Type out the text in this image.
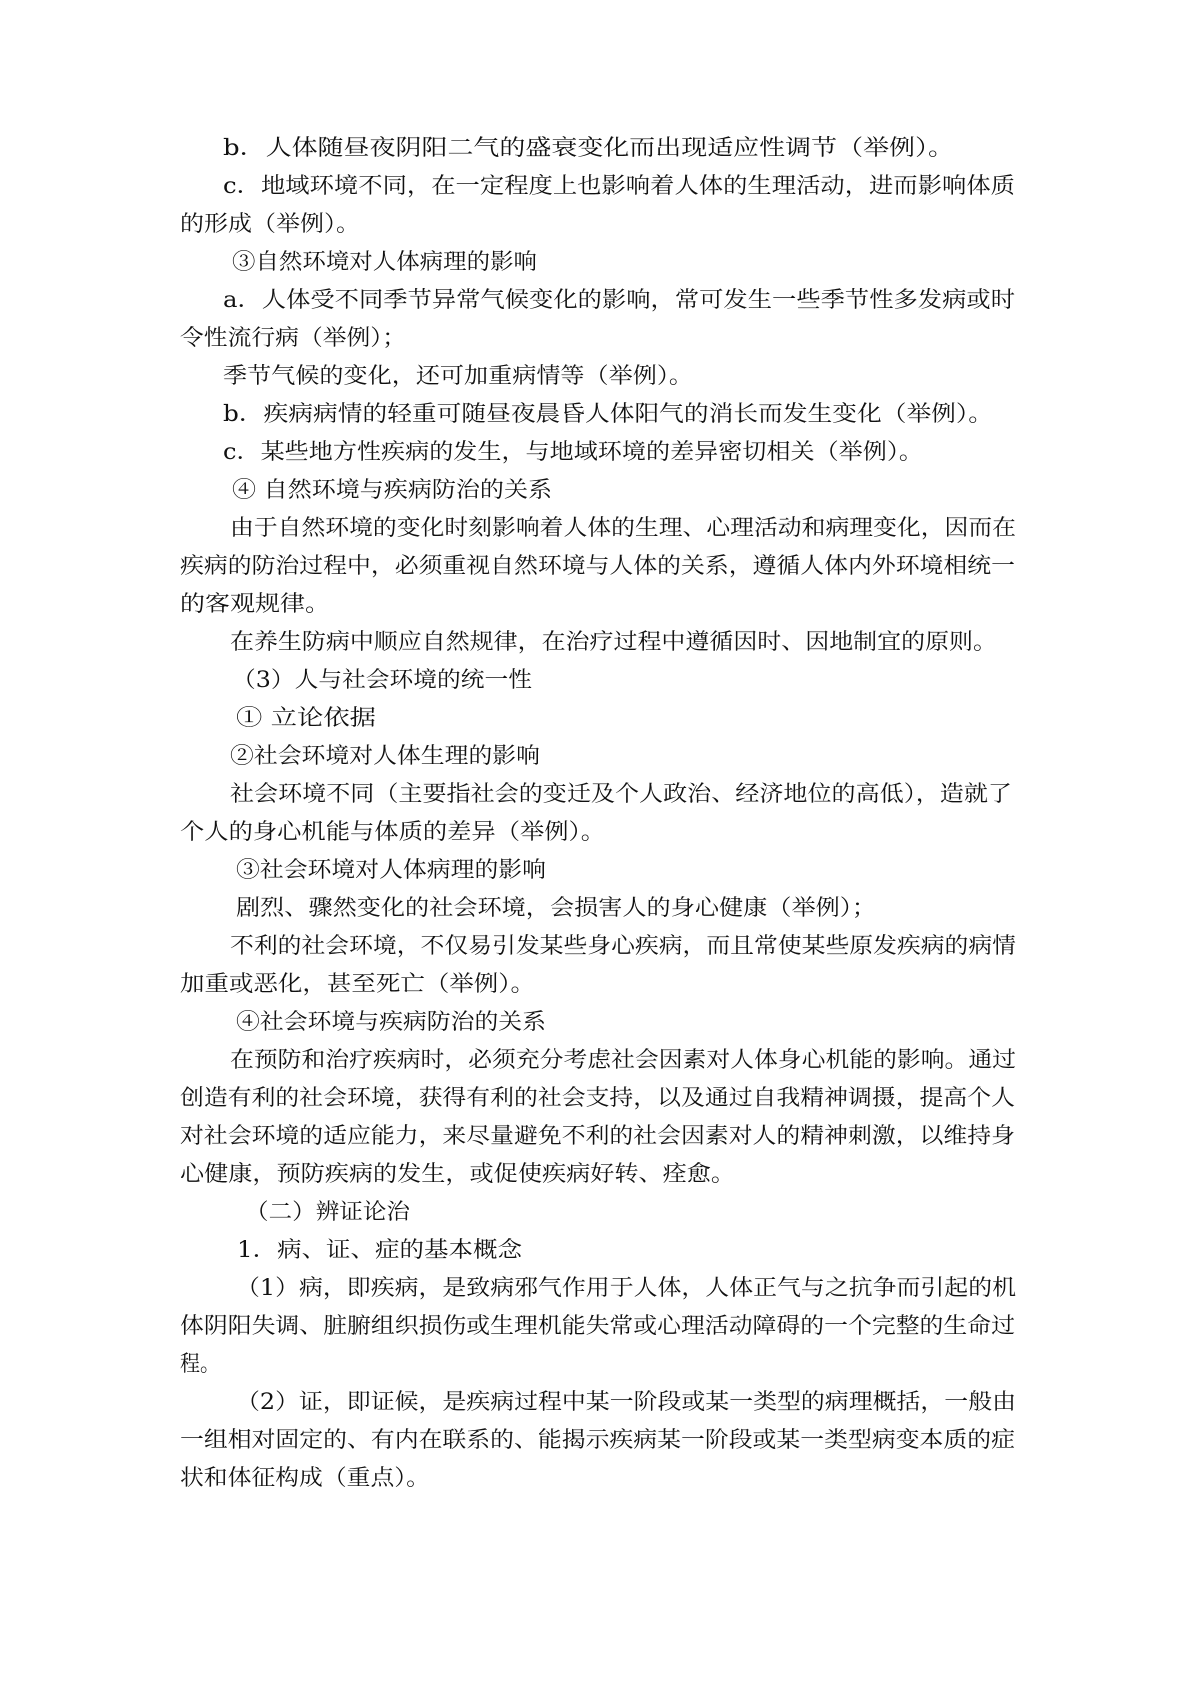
b．人体随昼夜阴阳二气的盛衰变化而出现适应性调节（举例）。
c．地域环境不同，在一定程度上也影响着人体的生理活动，进而影响体质
的形成（举例）。
③自然环境对人体病理的影响
a．人体受不同季节异常气候变化的影响，常可发生一些季节性多发病或时
令性流行病（举例）；
季节气候的变化，还可加重病情等（举例）。
b．疾病病情的轻重可随昼夜晨昏人体阳气的消长而发生变化（举例）。
c．某些地方性疾病的发生，与地域环境的差异密切相关（举例）。
④ 自然环境与疾病防治的关系
由于自然环境的变化时刻影响着人体的生理、心理活动和病理变化，因而在
疾病的防治过程中，必须重视自然环境与人体的关系，遵循人体内外环境相统一
的客观规律。
在养生防病中顺应自然规律，在治疗过程中遵循因时、因地制宜的原则。
（3）人与社会环境的统一性
① 立论依据
②社会环境对人体生理的影响
社会环境不同（主要指社会的变迁及个人政治、经济地位的高低），造就了
个人的身心机能与体质的差异（举例）。
③社会环境对人体病理的影响
剧烈、骤然变化的社会环境，会损害人的身心健康（举例）；
不利的社会环境，不仅易引发某些身心疾病，而且常使某些原发疾病的病情
加重或恶化，甚至死亡（举例）。
④社会环境与疾病防治的关系
在预防和治疗疾病时，必须充分考虑社会因素对人体身心机能的影响。通过
创造有利的社会环境，获得有利的社会支持，以及通过自我精神调摄，提高个人
对社会环境的适应能力，来尽量避免不利的社会因素对人的精神刺激，以维持身
心健康，预防疾病的发生，或促使疾病好转、痊愈。
（二）辨证论治
1．病、证、症的基本概念
（1）病，即疾病，是致病邪气作用于人体，人体正气与之抗争而引起的机
体阴阳失调、脏腑组织损伤或生理机能失常或心理活动障碍的一个完整的生命过
程。
（2）证，即证候，是疾病过程中某一阶段或某一类型的病理概括，一般由
一组相对固定的、有内在联系的、能揭示疾病某一阶段或某一类型病变本质的症
状和体征构成（重点）。
